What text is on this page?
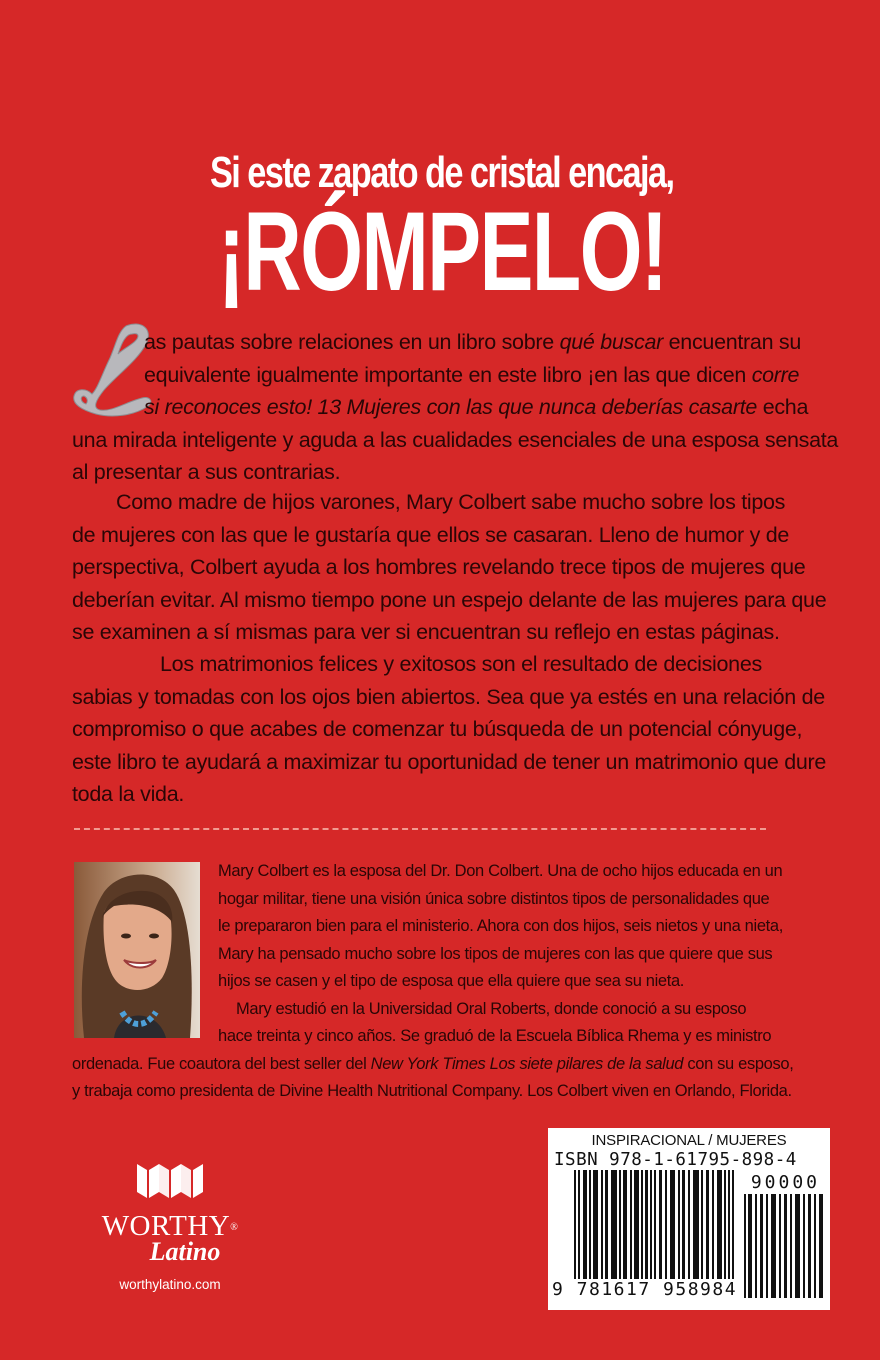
Si este zapato de cristal encaja,
¡RÓMPELO!
as pautas sobre relaciones en un libro sobre qué buscar encuentran su
equivalente igualmente importante en este libro ¡en las que dicen corre
si reconoces esto! 13 Mujeres con las que nunca deberías casarte echa
una mirada inteligente y aguda a las cualidades esenciales de una esposa sensata
al presentar a sus contrarias.
Como madre de hijos varones, Mary Colbert sabe mucho sobre los tipos
de mujeres con las que le gustaría que ellos se casaran. Lleno de humor y de
perspectiva, Colbert ayuda a los hombres revelando trece tipos de mujeres que
deberían evitar. Al mismo tiempo pone un espejo delante de las mujeres para que
se examinen a sí mismas para ver si encuentran su reflejo en estas páginas.
Los matrimonios felices y exitosos son el resultado de decisiones
sabias y tomadas con los ojos bien abiertos. Sea que ya estés en una relación de
compromiso o que acabes de comenzar tu búsqueda de un potencial cónyuge,
este libro te ayudará a maximizar tu oportunidad de tener un matrimonio que dure
toda la vida.
Mary Colbert es la esposa del Dr. Don Colbert. Una de ocho hijos educada en un
hogar militar, tiene una visión única sobre distintos tipos de personalidades que
le prepararon bien para el ministerio. Ahora con dos hijos, seis nietos y una nieta,
Mary ha pensado mucho sobre los tipos de mujeres con las que quiere que sus
hijos se casen y el tipo de esposa que ella quiere que sea su nieta.
Mary estudió en la Universidad Oral Roberts, donde conoció a su esposo
hace treinta y cinco años. Se graduó de la Escuela Bíblica Rhema y es ministro
ordenada. Fue coautora del best seller del New York Times Los siete pilares de la salud con su esposo,
y trabaja como presidenta de Divine Health Nutritional Company. Los Colbert viven en Orlando, Florida.
WORTHY®
Latino
worthylatino.com
INSPIRACIONAL / MUJERES
ISBN 978-1-61795-898-4
90000
9 781617 958984
